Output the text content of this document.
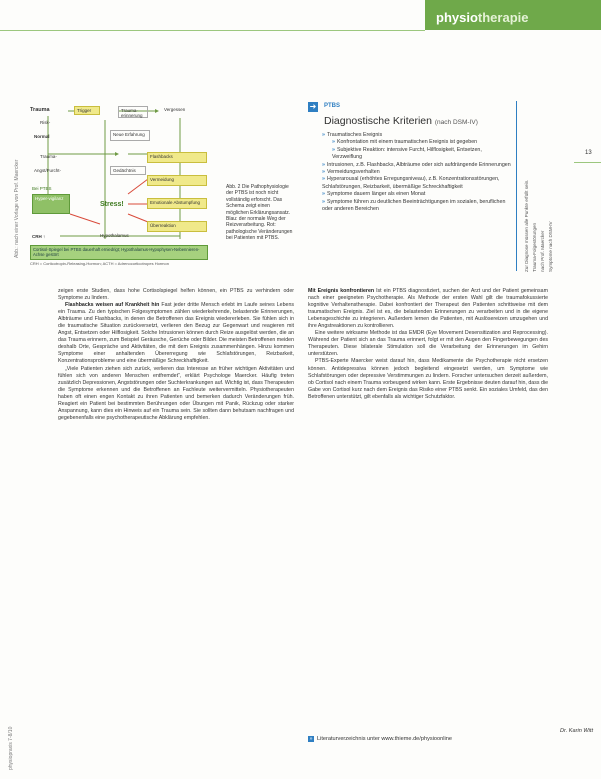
physiotherapie
Abb.: nach einer Vorlage von Prof. Maercker
physiopraxis 7-8/10
Trauma
Risk-
Normal
Trauma-
Angst/Furcht-
Bei PTBS
Stress!
CRH ↑
Trigger	Trauma-erinnerung
Vergessen
Neue Erfahrung
Flashbacks
Gedächtnis
Vermeidung
Hyper-vigilanz
Emotionale Abstumpfung
Überreaktion
Hypothalamus
Cortisol-Spiegel bei PTBS dauerhaft erniedrigt; Hypothalamus-Hypophysen-Nebennieren-Achse gestört
CRH = Corticotropin-Releasing-Hormon; ACTH = Adrenocorticotropes Hormon
Abb. 2 Die Pathophysiologie der PTBS ist noch nicht vollständig erforscht. Das Schema zeigt einen möglichen Erklärungsansatz. Blau: der normale Weg der Reizverarbeitung. Rot: pathologische Veränderungen bei Patienten mit PTBS.
➜ PTBS
Diagnostische Kriterien (nach DSM-IV)
» Traumatisches Ereignis
» Konfrontation mit einem traumatischen Ereignis ist gegeben
» Subjektive Reaktion: intensive Furcht, Hilflosigkeit, Entsetzen, Verzweiflung
» Intrusionen, z.B. Flashbacks, Albträume oder sich aufdrängende Erinnerungen
» Vermeidungsverhalten
» Hyperarousal (erhöhtes Erregungsniveau), z.B. Konzentrationsstörungen, Schlafstörungen, Reizbarkeit, übermäßige Schreckhaftigkeit
» Symptome dauern länger als einen Monat
» Symptome führen zu deutlichen Beeinträchtigungen im sozialen, beruflichen oder anderen Bereichen	Zur Diagnose müssen alle Punkte erfüllt sein. Trauma-Folgestörungen nach Prof. Maercker Symptome nach DSM-IV
13

zeigen erste Studien, dass hohe Cortisolspiegel helfen können, ein PTBS zu verhindern oder Symptome zu lindern.

Flashbacks weisen auf Krankheit hin Fast jeder dritte Mensch erlebt im Laufe seines Lebens ein Trauma. Zu den typischen Folgesymptomen zählen wiederkehrende, belastende Erinnerungen, Albträume und Flashbacks, in denen die Betroffenen das Ereignis wiedererleben. Sie fühlen sich in die traumatische Situation zurückversetzt, verlieren den Bezug zur Gegenwart und reagieren mit Angst, Entsetzen oder Hilflosigkeit. Solche Intrusionen können durch Reize ausgelöst werden, die an das Trauma erinnern, zum Beispiel Geräusche, Gerüche oder Bilder. Die meisten Betroffenen meiden deshalb Orte, Gespräche und Aktivitäten, die mit dem Ereignis zusammenhängen. Hinzu kommen Symptome einer anhaltenden Übererregung wie Schlafstörungen, Reizbarkeit, Konzentrationsprobleme und eine übermäßige Schreckhaftigkeit.

„Viele Patienten ziehen sich zurück, verlieren das Interesse an früher wichtigen Aktivitäten und fühlen sich von anderen Menschen entfremdet“, erklärt Psychologe Maercker. Häufig treten zusätzlich Depressionen, Angststörungen oder Suchterkrankungen auf. Wichtig ist, dass Therapeuten die Symptome erkennen und die Betroffenen an Fachleute weitervermitteln. Physiotherapeuten haben oft einen engen Kontakt zu ihren Patienten und bemerken dadurch Veränderungen früh. Reagiert ein Patient bei bestimmten Berührungen oder Übungen mit Panik, Rückzug oder starker Anspannung, kann dies ein Hinweis auf ein Trauma sein. Sie sollten dann behutsam nachfragen und gegebenenfalls eine psychotherapeutische Abklärung empfehlen.

Mit Ereignis konfrontieren Ist ein PTBS diagnostiziert, suchen der Arzt und der Patient gemeinsam nach einer geeigneten Psychotherapie. Als Methode der ersten Wahl gilt die traumafokussierte kognitive Verhaltenstherapie. Dabei konfrontiert der Therapeut den Patienten schrittweise mit dem traumatischen Ereignis. Ziel ist es, die belastenden Erinnerungen zu verarbeiten und in die eigene Lebensgeschichte zu integrieren. Außerdem lernen die Patienten, mit Auslösereizen umzugehen und ihre Angstreaktionen zu kontrollieren.

Eine weitere wirksame Methode ist das EMDR (Eye Movement Desensitization and Reprocessing). Während der Patient sich an das Trauma erinnert, folgt er mit den Augen den Fingerbewegungen des Therapeuten. Diese bilaterale Stimulation soll die Verarbeitung der Erinnerungen im Gehirn unterstützen.

PTBS-Experte Maercker weist darauf hin, dass Medikamente die Psychotherapie nicht ersetzen können. Antidepressiva können jedoch begleitend eingesetzt werden, um Symptome wie Schlafstörungen oder depressive Verstimmungen zu lindern. Forscher untersuchen derzeit außerdem, ob Cortisol nach einem Trauma vorbeugend wirken kann. Erste Ergebnisse deuten darauf hin, dass die Gabe von Cortisol kurz nach dem Ereignis das Risiko einer PTBS senkt. Ein soziales Umfeld, das den Betroffenen unterstützt, gilt ebenfalls als wichtiger Schutzfaktor.

Dr. Karin Witt
» Literaturverzeichnis unter www.thieme.de/physioonline
